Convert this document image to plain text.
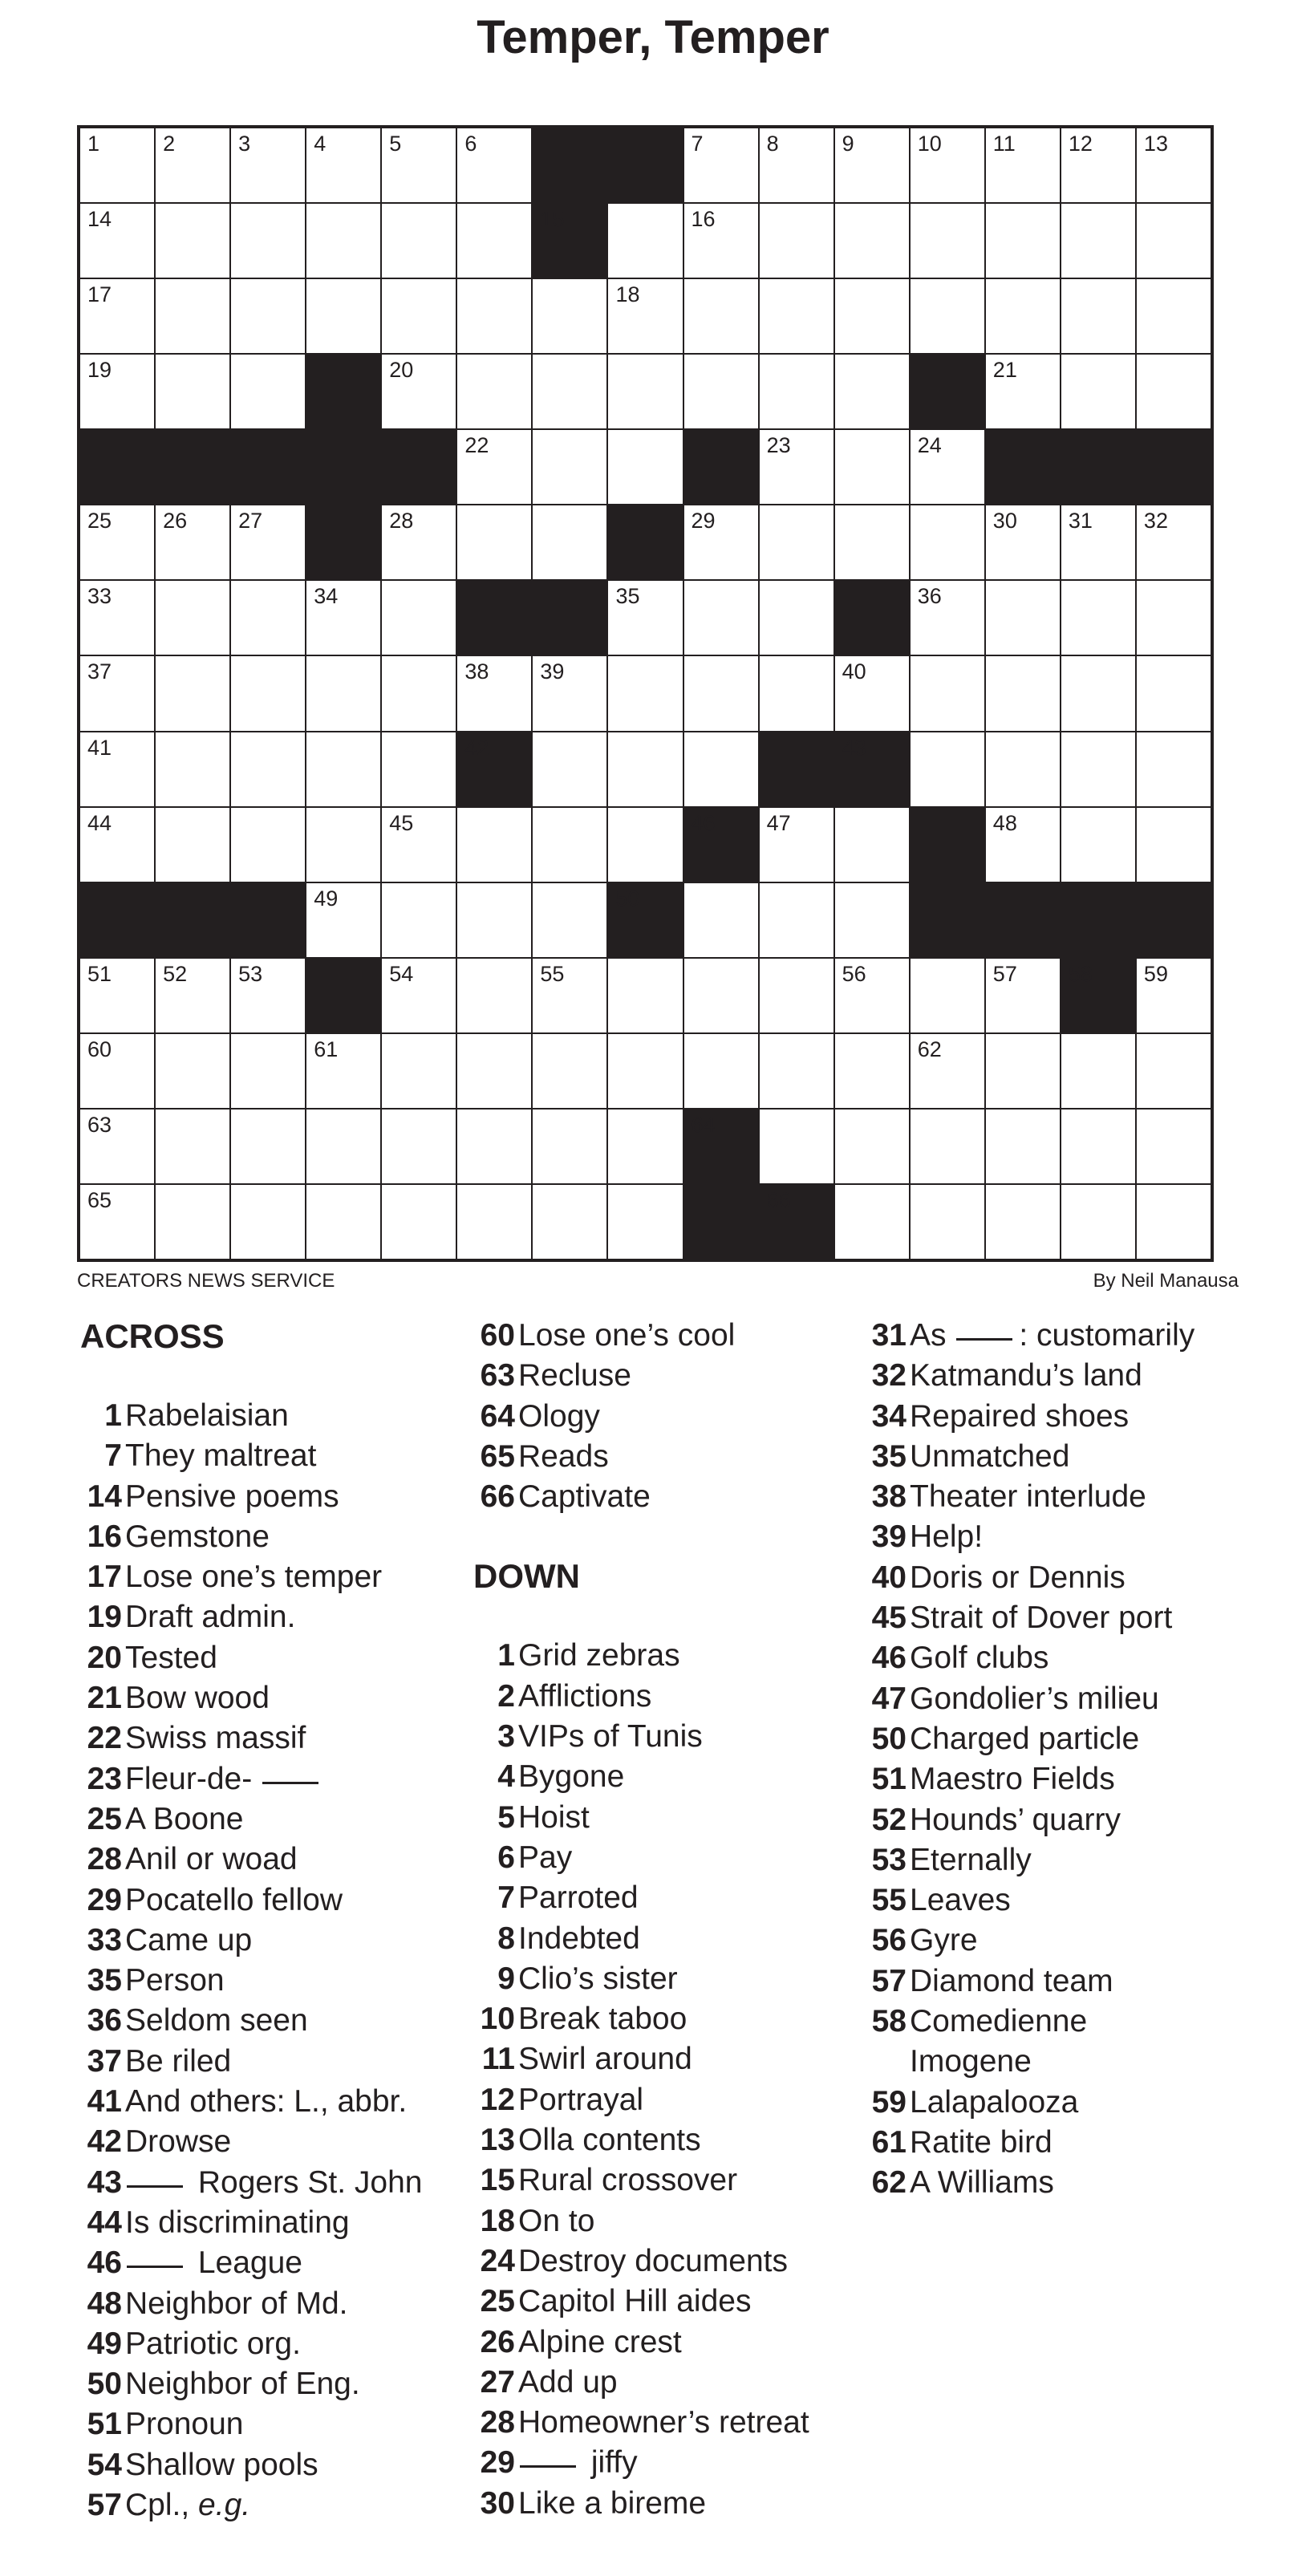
Temper, Temper
1	2	3	4	5	6	7	8	9	10 11 12 13
14	15	16
17	18
19	20	21
22	23	24
25 26 27	28	29	30 31 32
33	34	35	36
37	38 39	40
41	42	43
44	45	46 47	48
49	50
51 52 53	54	55	56	57 58 59
60	61	62
63	64
65	66
CREATORS NEWS SERVICE	By Neil Manausa
ACROSS
1 Rabelaisian
7 They maltreat
14 Pensive poems
16 Gemstone
17 Lose one’s temper
19 Draft admin.
20 Tested
21 Bow wood
22 Swiss massif
23 Fleur-de-
25 A Boone
28 Anil or woad
29 Pocatello fellow
33 Came up
35 Person
36 Seldom seen
37 Be riled
41 And others: L., abbr.
42 Drowse
43	Rogers St. John
44 Is discriminating
46	League
48 Neighbor of Md.
49 Patriotic org.
50 Neighbor of Eng.
51 Pronoun
54 Shallow pools
57 Cpl., e.g.
60 Lose one’s cool
63 Recluse
64 Ology
65 Reads
66 Captivate
DOWN
1 Grid zebras
2 Afflictions
3 VIPs of Tunis
4 Bygone
5 Hoist
6 Pay
7 Parroted
8 Indebted
9 Clio’s sister
10 Break taboo
11 Swirl around
12 Portrayal
13 Olla contents
15 Rural crossover
18 On to
24 Destroy documents
25 Capitol Hill aides
26 Alpine crest
27 Add up
28 Homeowner’s retreat
29	jiffy
30 Like a bireme
31 As : customarily
32 Katmandu’s land
34 Repaired shoes
35 Unmatched
38 Theater interlude
39 Help!
40 Doris or Dennis
45 Strait of Dover port
46 Golf clubs
47 Gondolier’s milieu
50 Charged particle
51 Maestro Fields
52 Hounds’ quarry
53 Eternally
55 Leaves
56 Gyre
57 Diamond team
58 Comedienne
Imogene
59 Lalapalooza
61 Ratite bird
62 A Williams
